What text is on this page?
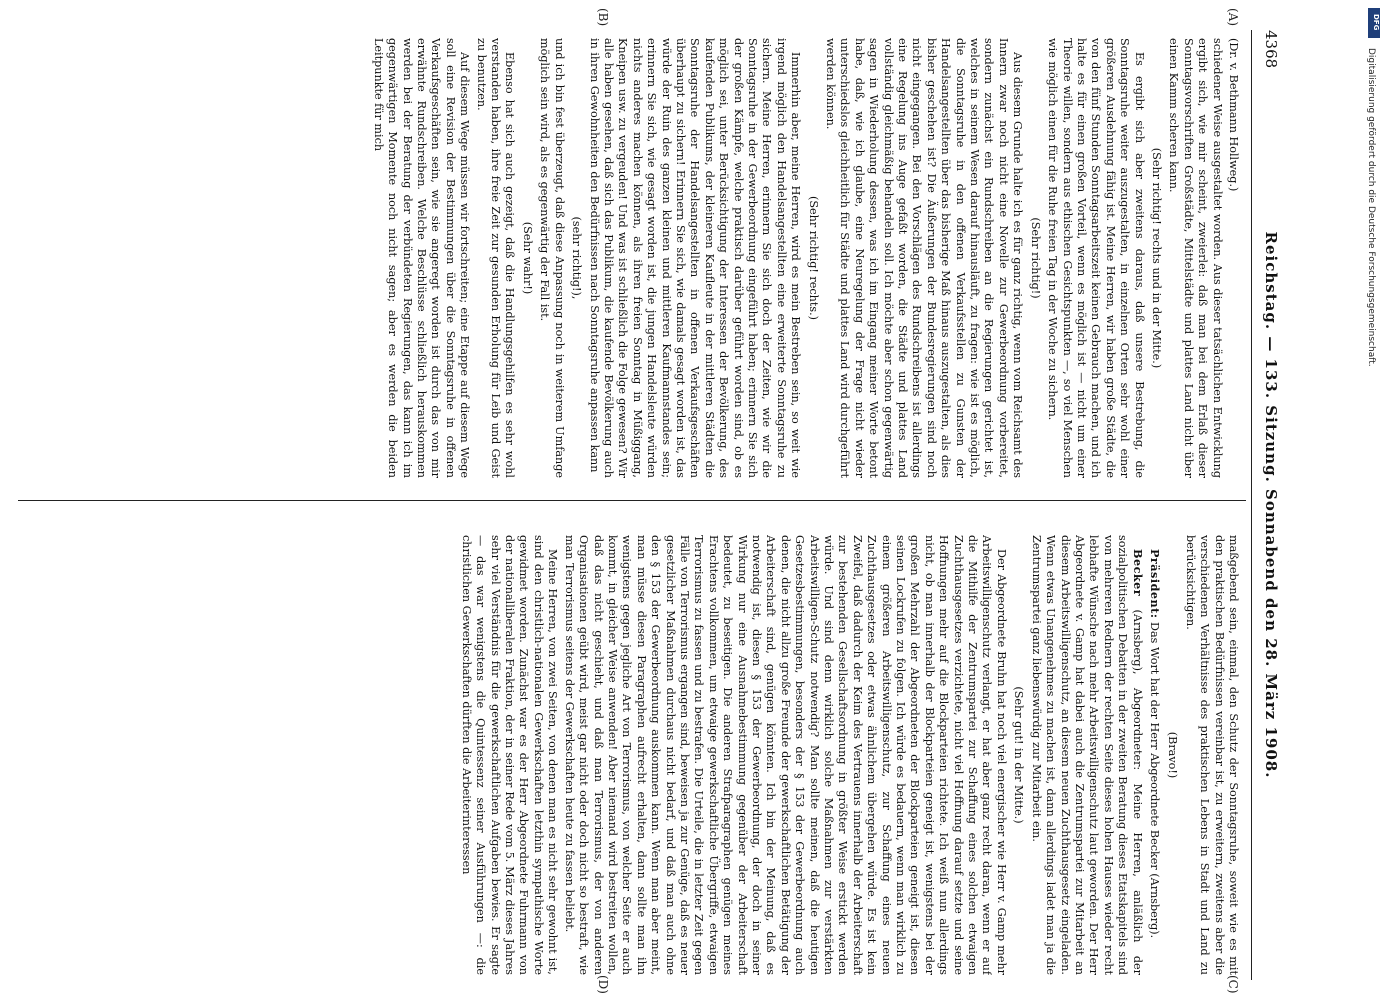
4368
Reichstag. — 133. Sitzung. Sonnabend den 28. März 1908.
(A)
(B)
(C)
(D)

(Dr. v. Bethmann Hollweg.)

schiedener Weise ausgestaltet worden. Aus dieser tatsächlichen Entwicklung ergibt sich, wie mir scheint, zweierlei: daß man bei dem Erlaß dieser Sonntagsvorschriften Großstädte, Mittelstädte und plattes Land nicht über einen Kamm scheren kann.

(Sehr richtig! rechts und in der Mitte.)

Es ergibt sich aber zweitens daraus, daß unsere Bestrebung, die Sonntagsruhe weiter auszugestalten, in einzelnen Orten sehr wohl einer größeren Ausdehnung fähig ist. Meine Herren, wir haben große Städte, die von den fünf Stunden Sonntagsarbeitszeit keinen Gebrauch machen, und ich halte es für einen großen Vorteil, wenn es möglich ist — nicht um einer Theorie willen, sondern aus ethischen Gesichtspunkten —, so viel Menschen wie möglich einen für die Ruhe freien Tag in der Woche zu sichern.

(Sehr richtig!)

Aus diesem Grunde halte ich es für ganz richtig, wenn vom Reichsamt des Innern zwar noch nicht eine Novelle zur Gewerbeordnung vorbereitet, sondern zunächst ein Rundschreiben an die Regierungen gerichtet ist, welches in seinem Wesen darauf hinausläuft, zu fragen: wie ist es möglich, die Sonntagsruhe in den offenen Verkaufsstellen zu Gunsten der Handelsangestellten über das bisherige Maß hinaus auszugestalten, als dies bisher geschehen ist? Die Äußerungen der Bundesregierungen sind noch nicht eingegangen. Bei den Vorschlägen des Rundschreibens ist allerdings eine Regelung ins Auge gefaßt worden, die Städte und plattes Land vollständig gleichmäßig behandeln soll. Ich möchte aber schon gegenwärtig sagen in Wiederholung dessen, was ich im Eingang meiner Worte betont habe, daß, wie ich glaube, eine Neuregelung der Frage nicht wieder unterschiedslos gleichheitlich für Städte und plattes Land wird durchgeführt werden können.

(Sehr richtig! rechts.)

Immerhin aber, meine Herren, wird es mein Bestreben sein, so weit wie irgend möglich den Handelsangestellten eine erweiterte Sonntagsruhe zu sichern. Meine Herren, erinnern Sie sich doch der Zeiten, wie wir die Sonntagsruhe in der Gewerbeordnung eingeführt haben; erinnern Sie sich der großen Kämpfe, welche praktisch darüber geführt worden sind, ob es möglich sei, unter Berücksichtigung der Interessen der Bevölkerung, des kaufenden Publikums, der kleineren Kaufleute in der mittleren Städten die Sonntagsruhe der Handelsangestellten in offenen Verkaufsgeschäften überhaupt zu sichern! Erinnern Sie sich, wie damals gesagt worden ist, das würde der Ruin des ganzen kleinen und mittleren Kaufmannstandes sein; erinnern Sie sich, wie gesagt worden ist, die jungen Handelsleute würden nichts anderes machen können, als ihren freien Sonntag in Müßiggang, Kneipen usw. zu vergeuden! Und was ist schließlich die Folge gewesen? Wir alle haben gesehen, daß sich das Publikum, die kaufende Bevölkerung auch in ihren Gewohnheiten den Bedürfnissen nach Sonntagsruhe anpassen kann

(sehr richtig!),

und ich bin fest überzeugt, daß diese Anpassung noch in weiterem Umfange möglich sein wird, als es gegenwärtig der Fall ist.

(Sehr wahr!)

Ebenso hat sich auch gezeigt, daß die Handlungsgehilfen es sehr wohl verstanden haben, ihre freie Zeit zur gesunden Erholung für Leib und Geist zu benutzen.

Auf diesem Wege müssen wir fortschreiten; eine Etappe auf diesem Wege soll eine Revision der Bestimmungen über die Sonntagsruhe in offenen Verkaufsgeschäften sein, wie sie angeregt worden ist durch das von mir erwähnte Rundschreiben. Welche Beschlüsse schließlich herauskommen werden bei der Beratung der verbündeten Regierungen, das kann ich im gegenwärtigen Momente noch nicht sagen; aber es werden die beiden Leitpunkte für mich

maßgebend sein, einmal, den Schutz der Sonntagsruhe, soweit wie es mit den praktischen Bedürfnissen vereinbar ist, zu erweitern, zweitens aber die verschiedenen Verhältnisse des praktischen Lebens in Stadt und Land zu berücksichtigen.

(Bravo!)

Präsident: Das Wort hat der Herr Abgeordnete Becker (Arnsberg).

Becker (Arnsberg), Abgeordneter: Meine Herren, anläßlich der sozialpolitischen Debatten in der zweiten Beratung dieses Etatskapitels sind von mehreren Rednern der rechten Seite dieses hohen Hauses wieder recht lebhafte Wünsche nach mehr Arbeitswilligenschutz laut geworden. Der Herr Abgeordnete v. Gamp hat dabei auch die Zentrumspartei zur Mitarbeit an diesem Arbeitswilligenschutz, an diesem neuen Zuchthausgesetz eingeladen. Wenn etwas Unangenehmes zu machen ist, dann allerdings ladet man ja die Zentrumspartei ganz liebenswürdig zur Mitarbeit ein.

(Sehr gut! in der Mitte.)

Der Abgeordnete Bruhn hat noch viel energischer wie Herr v. Gamp mehr Arbeitswilligenschutz verlangt, er hat aber ganz recht daran, wenn er auf die Mithilfe der Zentrumspartei zur Schaffung eines solchen etwaigen Zuchthausgesetzes verzichtete, nicht viel Hoffnung darauf setzte und seine Hoffnungen mehr auf die Blockparteien richtete. Ich weiß nun allerdings nicht, ob man innerhalb der Blockparteien geneigt ist, wenigstens bei der großen Mehrzahl der Abgeordneten der Blockparteien geneigt ist, diesen seinen Lockrufen zu folgen. Ich würde es bedauern, wenn man wirklich zu einem größeren Arbeitswilligenschutz, zur Schaffung eines neuen Zuchthausgesetzes oder etwas ähnlichem übergehen würde. Es ist kein Zweifel, daß dadurch der Keim des Vertrauens innerhalb der Arbeiterschaft zur bestehenden Gesellschaftsordnung in größter Weise erstickt werden würde. Und sind denn wirklich solche Maßnahmen zur verstärkten Arbeitswilligen-Schutz notwendig? Man sollte meinen, daß die heutigen Gesetzesbestimmungen, besonders der § 153 der Gewerbeordnung auch denen, die nicht allzu große Freunde der gewerkschaftlichen Betätigung der Arbeiterschaft sind, genügen könnten. Ich bin der Meinung, daß es notwendig ist, diesen § 153 der Gewerbeordnung, der doch in seiner Wirkung nur eine Ausnahmebestimmung gegenüber der Arbeiterschaft bedeutet, zu beseitigen. Die anderen Strafparagraphen genügen meines Erachtens vollkommen, um etwaige gewerkschaftliche Übergriffe, etwaigen Terrorismus zu fassen und zu bestrafen. Die Urteile, die in letzter Zeit gegen Fälle von Terrorismus ergangen sind, beweisen ja zur Genüge, daß es neuer gesetzlicher Maßnahmen durchaus nicht bedarf, und daß man auch ohne den § 153 der Gewerbeordnung auskommen kann. Wenn man aber meint, man müsse diesen Paragraphen aufrecht erhalten, dann sollte man ihn wenigstens gegen jegliche Art von Terrorismus, von welcher Seite er auch kommt, in gleicher Weise anwenden! Aber niemand wird bestreiten wollen, daß das nicht geschieht, und daß man Terrorismus, der von anderen Organisationen geübt wird, meist gar nicht oder doch nicht so bestraft, wie man Terrorismus seitens der Gewerkschaften heute zu fassen beliebt.

Meine Herren, von zwei Seiten, von denen man es nicht sehr gewohnt ist, sind den christlich-nationalen Gewerkschaften letzthin sympathische Worte gewidmet worden. Zunächst war es der Herr Abgeordnete Fuhrmann von der nationalliberalen Fraktion, der in seiner Rede vom 5. März dieses Jahres sehr viel Verständnis für die gewerkschaftlichen Aufgaben bewies. Er sagte — das war wenigstens die Quintessenz seiner Ausführungen —: die christlichen Gewerkschaften dürften die Arbeiterinteressen

DFG
Digitalisierung gefördert durch die Deutsche Forschungsgemeinschaft.
